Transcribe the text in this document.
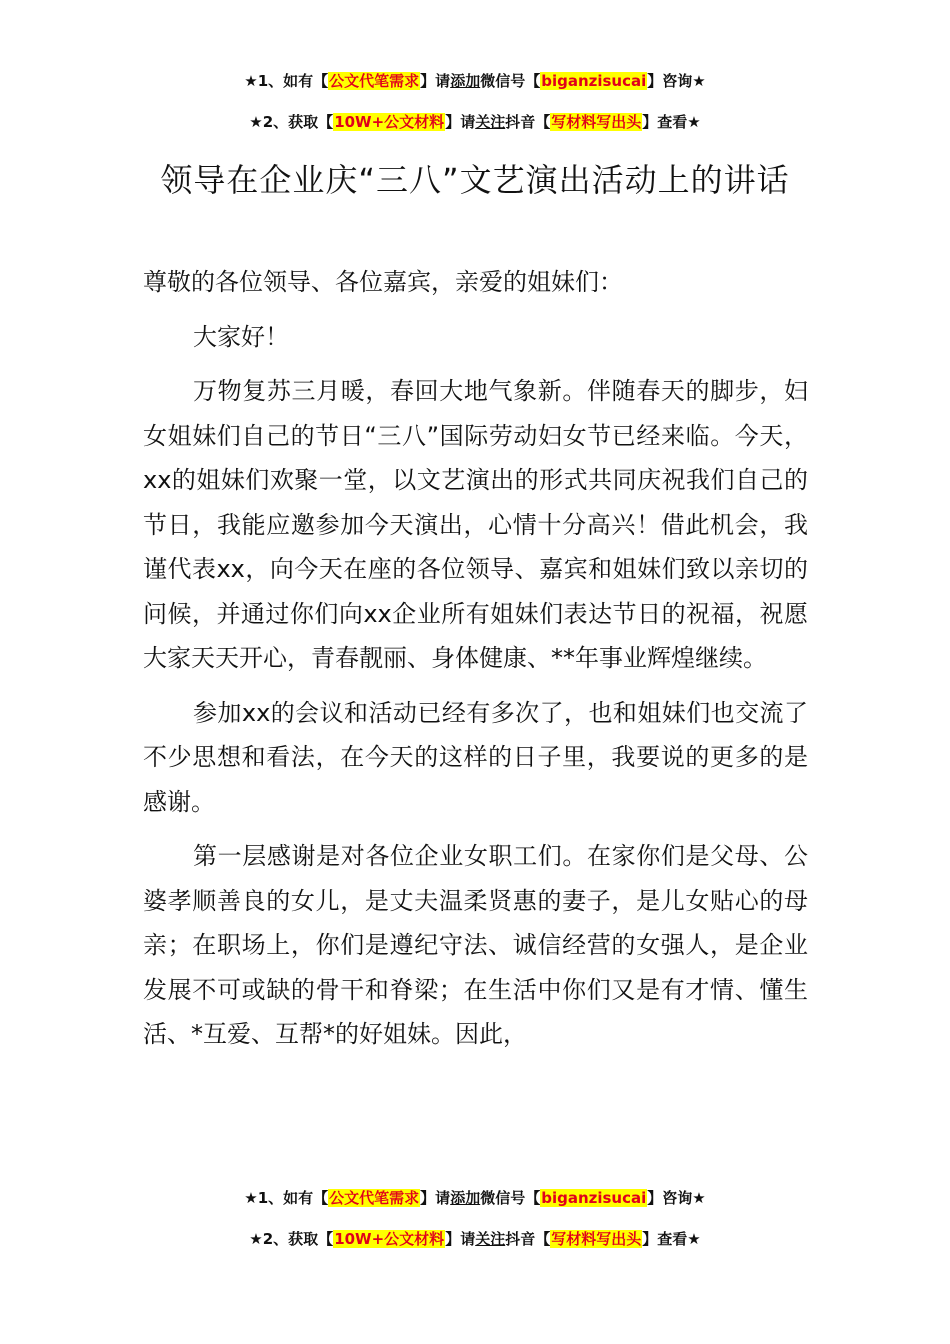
★1、如有【公文代笔需求】请添加微信号【biganzisucai】咨询★
★2、获取【10W+公文材料】请关注抖音【写材料写出头】查看★
领导在企业庆“三八”文艺演出活动上的讲话

尊敬的各位领导、各位嘉宾，亲爱的姐妹们：

大家好！

万物复苏三月暖，春回大地气象新。伴随春天的脚步，妇女姐妹们自己的节日“三八”国际劳动妇女节已经来临。今天，xx的姐妹们欢聚一堂，以文艺演出的形式共同庆祝我们自己的节日，我能应邀参加今天演出，心情十分高兴！借此机会，我谨代表xx，向今天在座的各位领导、嘉宾和姐妹们致以亲切的问候，并通过你们向xx企业所有姐妹们表达节日的祝福，祝愿大家天天开心，青春靓丽、身体健康、**年事业辉煌继续。

参加xx的会议和活动已经有多次了，也和姐妹们也交流了不少思想和看法，在今天的这样的日子里，我要说的更多的是感谢。

第一层感谢是对各位企业女职工们。在家你们是父母、公婆孝顺善良的女儿，是丈夫温柔贤惠的妻子，是儿女贴心的母亲；在职场上，你们是遵纪守法、诚信经营的女强人，是企业发展不可或缺的骨干和脊梁；在生活中你们又是有才情、懂生活、*互爱、互帮*的好姐妹。因此，

★1、如有【公文代笔需求】请添加微信号【biganzisucai】咨询★
★2、获取【10W+公文材料】请关注抖音【写材料写出头】查看★
